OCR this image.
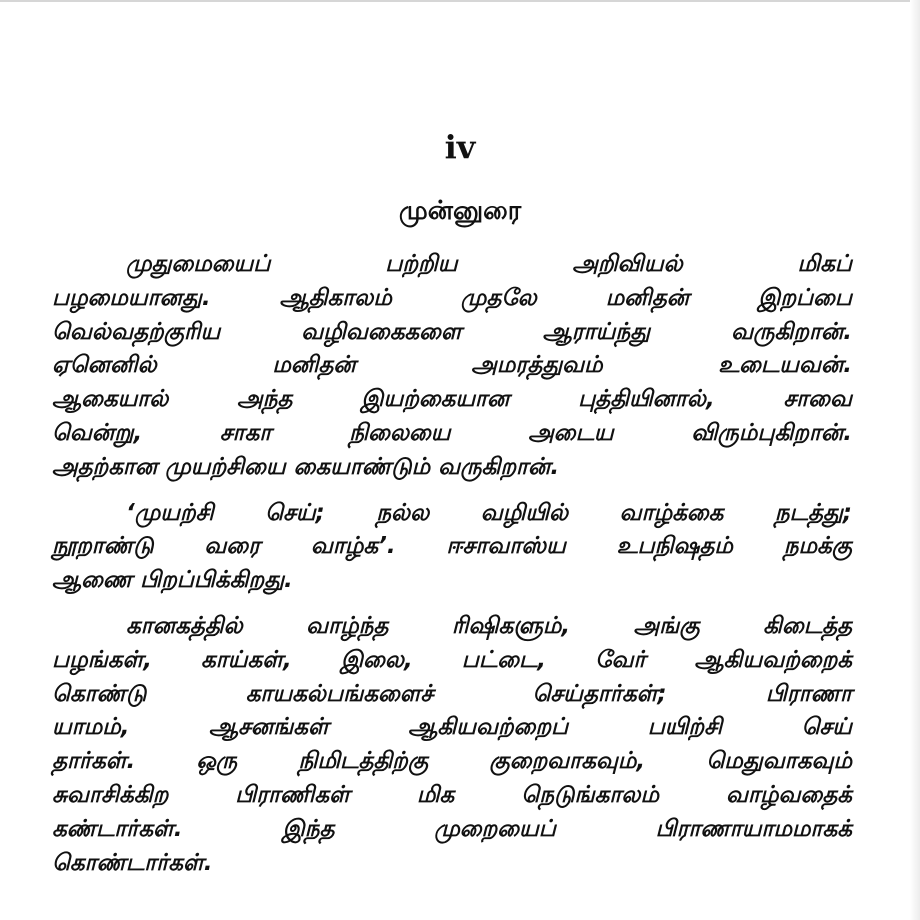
iv
முன்னுரை

முதுமையைப் பற்றிய அறிவியல் மிகப்

பழமையானது. ஆதிகாலம் முதலே மனிதன் இறப்பை

வெல்வதற்குரிய வழிவகைகளை ஆராய்ந்து வருகிறான்.

ஏனெனில் மனிதன் அமரத்துவம் உடையவன்.

ஆகையால் அந்த இயற்கையான புத்தியினால், சாவை

வென்று, சாகா நிலையை அடைய விரும்புகிறான்.

அதற்கான முயற்சியை கையாண்டும் வருகிறான்.

‘முயற்சி செய்; நல்ல வழியில் வாழ்க்கை நடத்து;

நூறாண்டு வரை வாழ்க’. ஈசாவாஸ்ய உபநிஷதம் நமக்கு

ஆணை பிறப்பிக்கிறது.

கானகத்தில் வாழ்ந்த ரிஷிகளும், அங்கு கிடைத்த

பழங்கள், காய்கள், இலை, பட்டை, வேர் ஆகியவற்றைக்

கொண்டு காயகல்பங்களைச் செய்தார்கள்; பிராணா

யாமம், ஆசனங்கள் ஆகியவற்றைப் பயிற்சி செய்

தார்கள். ஒரு நிமிடத்திற்கு குறைவாகவும், மெதுவாகவும்

சுவாசிக்கிற பிராணிகள் மிக நெடுங்காலம் வாழ்வதைக்

கண்டார்கள். இந்த முறையைப் பிராணாயாமமாகக்

கொண்டார்கள்.
